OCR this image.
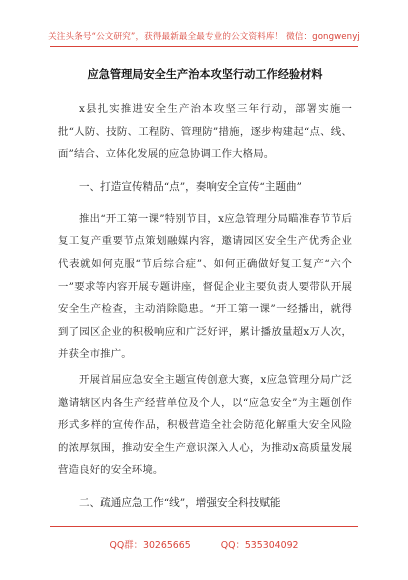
关注头条号“公文研究”，获得最新最全最专业的公文资料库！ 微信：gongwenyj
应急管理局安全生产治本攻坚行动工作经验材料

x县扎实推进安全生产治本攻坚三年行动，部署实施一批“人防、技防、工程防、管理防”措施，逐步构建起“点、线、面”结合、立体化发展的应急协调工作大格局。

一、打造宣传精品“点”，奏响安全宣传“主题曲”

推出“开工第一课”特别节目，x应急管理分局瞄准春节节后复工复产重要节点策划融媒内容，邀请园区安全生产优秀企业代表就如何克服“节后综合症”、如何正确做好复工复产“六个一”要求等内容开展专题讲座，督促企业主要负责人要带队开展安全生产检查，主动消除隐患。“开工第一课”一经播出，就得到了园区企业的积极响应和广泛好评，累计播放量超x万人次，并获全市推广。

开展首届应急安全主题宣传创意大赛，x应急管理分局广泛邀请辖区内各生产经营单位及个人，以“应急安全”为主题创作形式多样的宣传作品，积极营造全社会防范化解重大安全风险的浓厚氛围，推动安全生产意识深入人心，为推动x高质量发展营造良好的安全环境。

二、疏通应急工作“线”，增强安全科技赋能
QQ群：30265665	QQ：535304092
